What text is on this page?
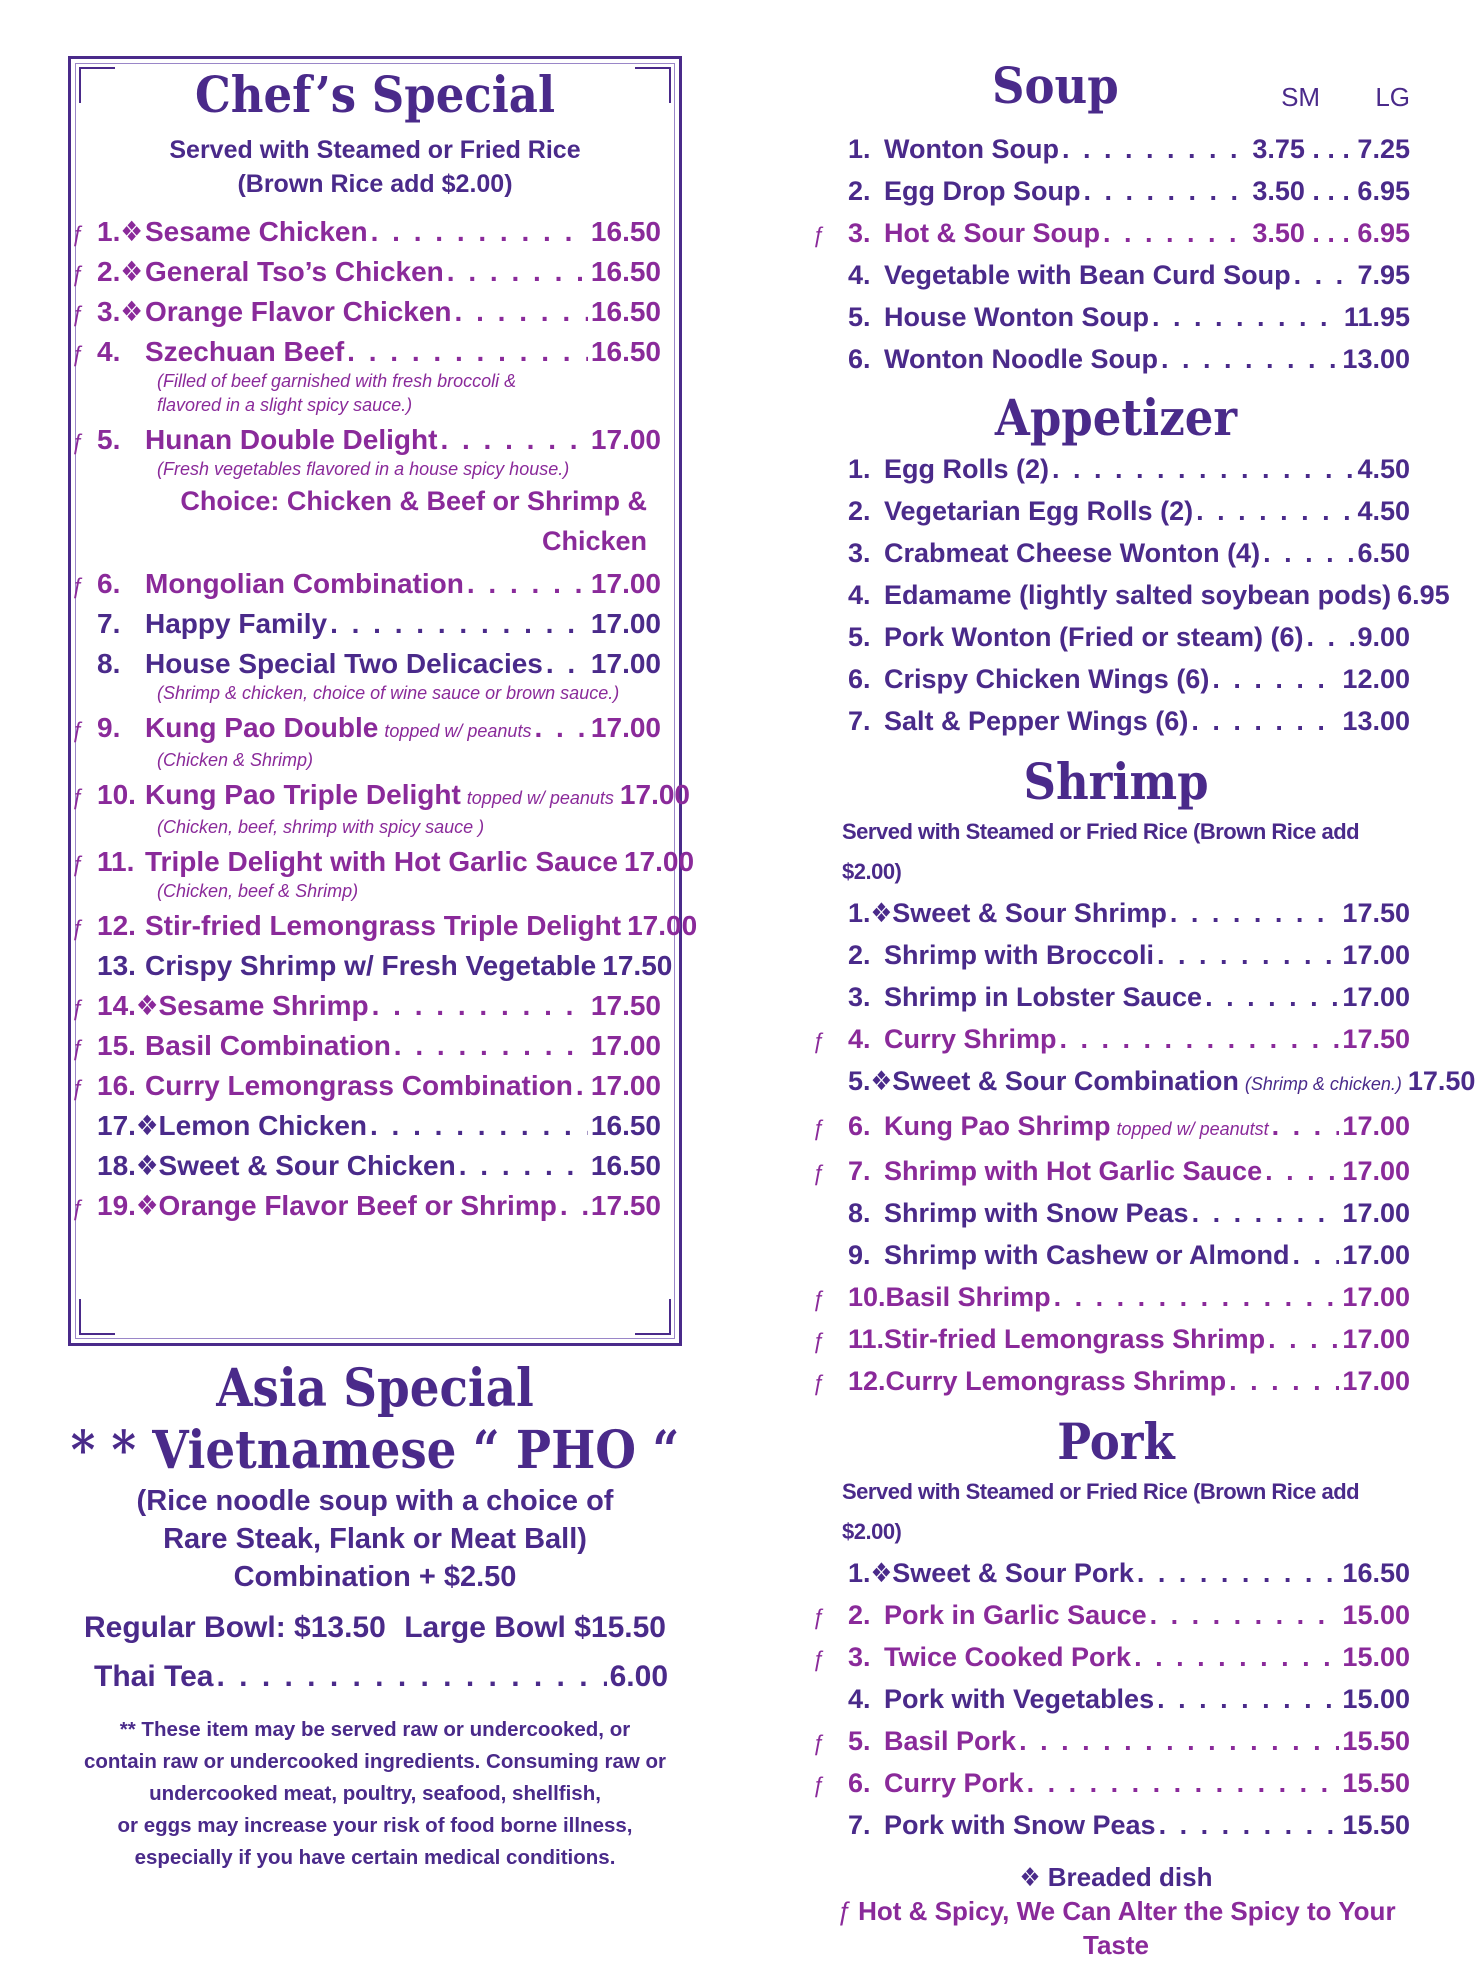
Chef’s Special
Served with Steamed or Fried Rice
(Brown Rice add $2.00)
ƒ 1.❖ Sesame Chicken . . .	16.50
ƒ 2.❖ General Tso’s Chicken . . .	16.50
ƒ 3.❖ Orange Flavor Chicken . . .	16.50
ƒ 4. Szechuan Beef . . .	16.50
(Filled of beef garnished with fresh broccoli &
flavored in a slight spicy sauce.)
ƒ 5. Hunan Double Delight . . .	17.00
(Fresh vegetables flavored in a house spicy house.)
Choice: Chicken & Beef or Shrimp & Chicken
ƒ 6. Mongolian Combination . . .	17.00
7. Happy Family . . .	17.00
8. House Special Two Delicacies . . . 17.00
(Shrimp & chicken, choice of wine sauce or brown sauce.)
ƒ 9. Kung Pao Double topped w/ peanuts . . . 17.00
(Chicken & Shrimp)
ƒ 10. Kung Pao Triple Delight topped w/ peanuts 17.00
(Chicken, beef, shrimp with spicy sauce )
ƒ 11. Triple Delight with Hot Garlic Sauce 17.00
(Chicken, beef & Shrimp)
ƒ 12. Stir-fried Lemongrass Triple Delight 17.00
13. Crispy Shrimp w/ Fresh Vegetable 17.50
ƒ 14.❖ Sesame Shrimp . . .	17.50
ƒ 15. Basil Combination . . .	17.00
ƒ 16. Curry Lemongrass Combination . . . 17.00
17.❖ Lemon Chicken . . .	16.50
18.❖ Sweet & Sour Chicken . . .	16.50
ƒ 19.❖ Orange Flavor Beef or Shrimp . . . 17.50
Asia Special
* * Vietnamese “ PHO “
(Rice noodle soup with a choice of
Rare Steak, Flank or Meat Ball)
Combination + $2.50
Regular Bowl: $13.50 Large Bowl $15.50
Thai Tea . . .	6.00
** These item may be served raw or undercooked, or
contain raw or undercooked ingredients. Consuming raw or
undercooked meat, poultry, seafood, shellfish,
or eggs may increase your risk of food borne illness,
especially if you have certain medical conditions.
Soup	SM LG
1. Wonton Soup . . .	3.75 . . . 7.25
2. Egg Drop Soup . . .	3.50 . . . 6.95
ƒ 3. Hot & Sour Soup . . .	3.50 . . . 6.95
4. Vegetable with Bean Curd Soup . . . 7.95
5. House Wonton Soup . . .	11.95
6. Wonton Noodle Soup . . .	13.00
Appetizer
1. Egg Rolls (2) . . .	4.50
2. Vegetarian Egg Rolls (2) . . .	4.50
3. Crabmeat Cheese Wonton (4) . . .	6.50
4. Edamame (lightly salted soybean pods) 6.95
5. Pork Wonton (Fried or steam) (6) . . . 9.00
6. Crispy Chicken Wings (6) . . .	12.00
7. Salt & Pepper Wings (6) . . .	13.00
Shrimp
Served with Steamed or Fried Rice (Brown Rice add $2.00)
1.❖ Sweet & Sour Shrimp . . .	17.50
2. Shrimp with Broccoli . . .	17.00
3. Shrimp in Lobster Sauce . . .	17.00
ƒ 4. Curry Shrimp . . .	17.50
5.❖ Sweet & Sour Combination (Shrimp & chicken.) 17.50
ƒ 6. Kung Pao Shrimp topped w/ peanutst . . .	17.00
ƒ 7. Shrimp with Hot Garlic Sauce . . .	17.00
8. Shrimp with Snow Peas . . .	17.00
9. Shrimp with Cashew or Almond . . . 17.00
ƒ 10. Basil Shrimp . . .	17.00
ƒ 11. Stir-fried Lemongrass Shrimp . . .	17.00
ƒ 12. Curry Lemongrass Shrimp . . .	17.00
Pork
Served with Steamed or Fried Rice (Brown Rice add $2.00)
1.❖ Sweet & Sour Pork . . .	16.50
ƒ 2. Pork in Garlic Sauce . . .	15.00
ƒ 3. Twice Cooked Pork . . .	15.00
4. Pork with Vegetables . . .	15.00
ƒ 5. Basil Pork . . .	15.50
ƒ 6. Curry Pork . . .	15.50
7. Pork with Snow Peas . . .	15.50
❖ Breaded dish
ƒ Hot & Spicy, We Can Alter the Spicy to Your Taste
